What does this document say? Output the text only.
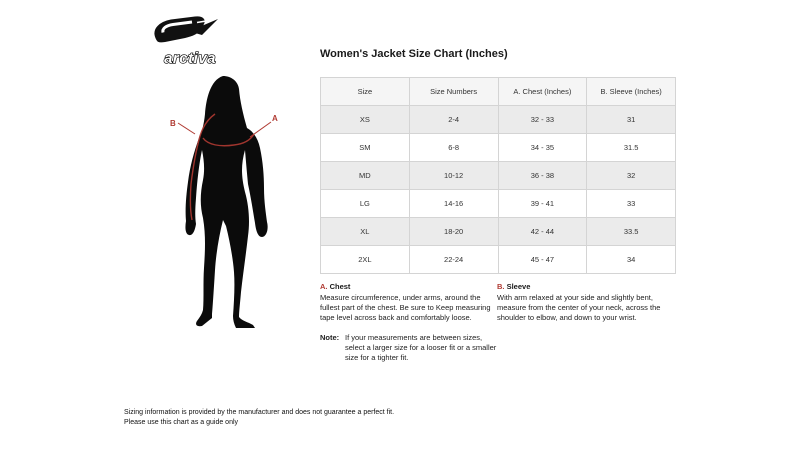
arctiva
B
A
Women's Jacket Size Chart (Inches)
Size	Size Numbers	A. Chest (Inches)	B. Sleeve (Inches)
XS	2-4	32 - 33	31
SM	6-8	34 - 35	31.5
MD	10-12	36 - 38	32
LG	14-16	39 - 41	33
XL	18-20	42 - 44	33.5
2XL	22-24	45 - 47	34

A. Chest

Measure circumference, under arms, around the fullest part of the chest. Be sure to Keep measuring tape level across back and comfortably loose.

Note: If your measurements are between sizes, select a larger size for a looser fit or a smaller size for a tighter fit.

B. Sleeve

With arm relaxed at your side and slightly bent, measure from the center of your neck, across the shoulder to elbow, and down to your wrist.

Sizing information is provided by the manufacturer and does not guarantee a perfect fit.
Please use this chart as a guide only
